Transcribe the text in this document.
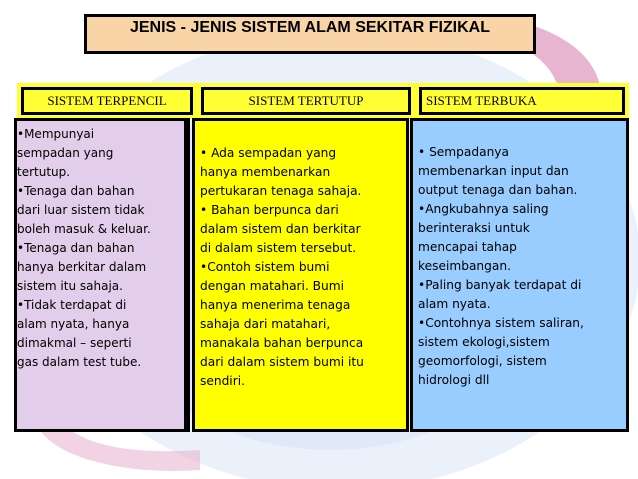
JENIS - JENIS SISTEM ALAM SEKITAR FIZIKAL
SISTEM TERPENCIL	SISTEM TERTUTUP	SISTEM TERBUKA
•Mempunyai
sempadan yang
tertutup.
•Tenaga dan bahan
dari luar sistem tidak
boleh masuk & keluar.
•Tenaga dan bahan
hanya berkitar dalam
sistem itu sahaja.
•Tidak terdapat di
alam nyata, hanya
dimakmal – seperti
gas dalam test tube.
• Ada sempadan yang
hanya membenarkan
pertukaran tenaga sahaja.
• Bahan berpunca dari
dalam sistem dan berkitar
di dalam sistem tersebut.
•Contoh sistem bumi
dengan matahari. Bumi
hanya menerima tenaga
sahaja dari matahari,
manakala bahan berpunca
dari dalam sistem bumi itu
sendiri.
• Sempadanya
membenarkan input dan
output tenaga dan bahan.
•Angkubahnya saling
berinteraksi untuk
mencapai tahap
keseimbangan.
•Paling banyak terdapat di
alam nyata.
•Contohnya sistem saliran,
sistem ekologi,sistem
geomorfologi, sistem
hidrologi dll
